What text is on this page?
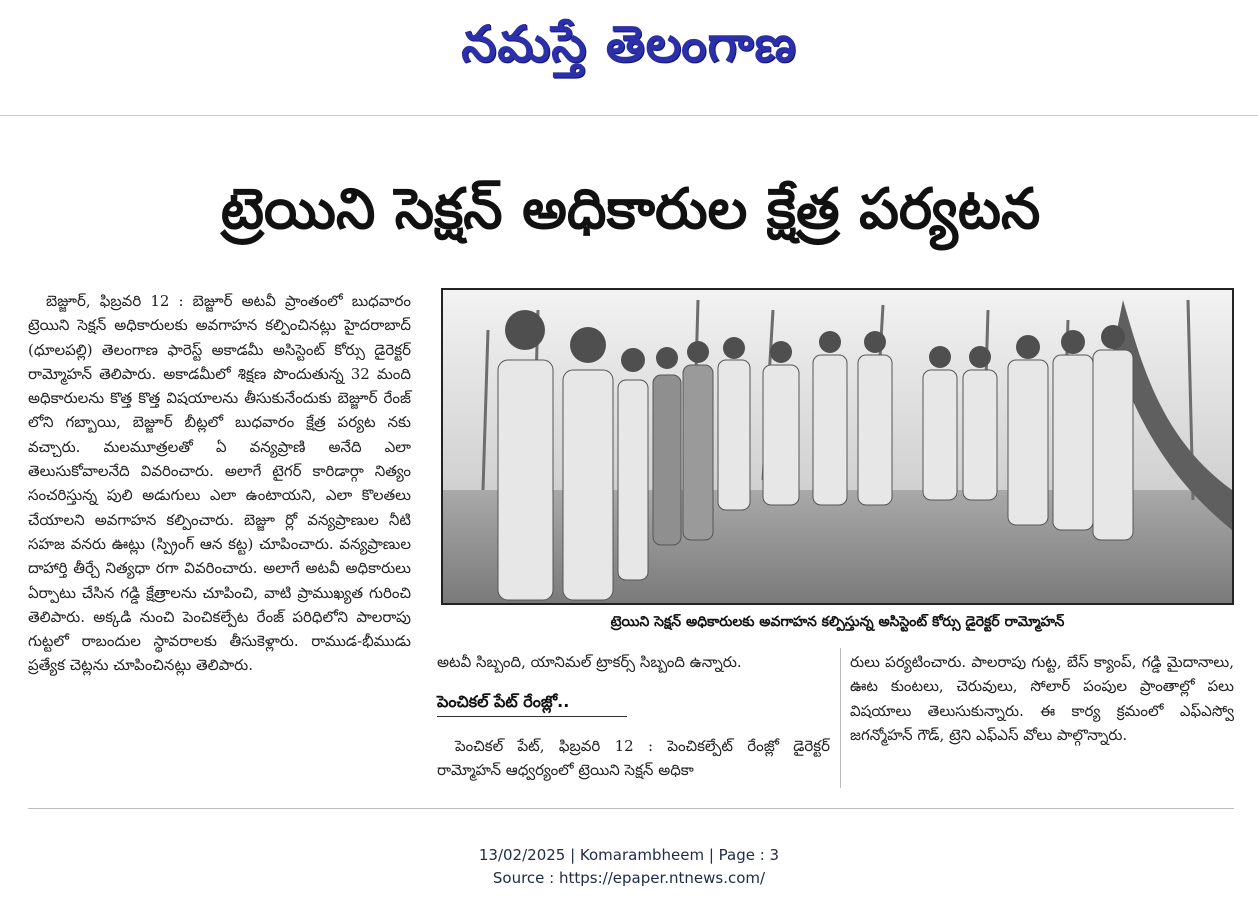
నమస్తే తెలంగాణ
ట్రెయిని సెక్షన్ అధికారుల క్షేత్ర పర్యటన

బెజ్జూర్, ఫిబ్రవరి 12 : బెజ్జూర్ అటవీ ప్రాంతంలో బుధవారం ట్రెయిని సెక్షన్ అధికారులకు అవగాహన కల్పించినట్లు హైదరాబాద్ (ధూలపల్లి) తెలంగాణ ఫారెస్ట్ అకాడమీ అసిస్టెంట్ కోర్సు డైరెక్టర్ రామ్మోహన్ తెలిపారు. అకాడమీలో శిక్షణ పొందుతున్న 32 మంది అధికారులను కొత్త కొత్త విషయాలను తీసుకునేందుకు బెజ్జూర్ రేంజ్ లోని గబ్బాయి, బెజ్జూర్ బీట్లలో బుధవారం క్షేత్ర పర్యట నకు వచ్చారు. మలమూత్రలతో ఏ వన్యప్రాణి అనేది ఎలా తెలుసుకోవాలనేది వివరించారు. అలాగే టైగర్ కారిడార్గా నిత్యం సంచరిస్తున్న పులి అడుగులు ఎలా ఉంటాయని, ఎలా కొలతలు చేయాలని అవగాహన కల్పించారు. బెజ్జూ ర్లో వన్యప్రాణుల నీటి సహజ వనరు ఊట్లు (స్ప్రింగ్ ఆన కట్ట) చూపించారు. వన్యప్రాణుల దాహార్తి తీర్చే నిత్యధా రగా వివరించారు. అలాగే అటవీ అధికారులు ఏర్పాటు చేసిన గడ్డి క్షేత్రాలను చూపించి, వాటి ప్రాముఖ్యత గురించి తెలిపారు. అక్కడి నుంచి పెంచికల్పేట రేంజ్ పరిధిలోని పాలరాపు గుట్టలో రాబందుల స్థావరాలకు తీసుకెళ్లారు. రాముడ-భీముడు ప్రత్యేక చెట్లను చూపించినట్లు తెలిపారు.

ట్రెయిని సెక్షన్ అధికారులకు అవగాహన కల్పిస్తున్న అసిస్టెంట్ కోర్సు డైరెక్టర్ రామ్మోహన్

అటవీ సిబ్బంది, యానిమల్ ట్రాకర్స్ సిబ్బంది ఉన్నారు.

పెంచికల్ పేట్ రేంజ్లో..

పెంచికల్ పేట్, ఫిబ్రవరి 12 : పెంచికల్పేట్ రేంజ్లో డైరెక్టర్ రామ్మోహన్ ఆధ్వర్యంలో ట్రెయిని సెక్షన్ అధికా

రులు పర్యటించారు. పాలరాపు గుట్ట, బేస్ క్యాంప్, గడ్డి మైదానాలు, ఊట కుంటలు, చెరువులు, సోలార్ పంపుల ప్రాంతాల్లో పలు విషయాలు తెలుసుకున్నారు. ఈ కార్య క్రమంలో ఎఫ్ఎస్వో జగన్మోహన్ గౌడ్, ట్రెని ఎఫ్ఎస్ వోలు పాల్గొన్నారు.

13/02/2025 | Komarambheem | Page : 3
Source : https://epaper.ntnews.com/
